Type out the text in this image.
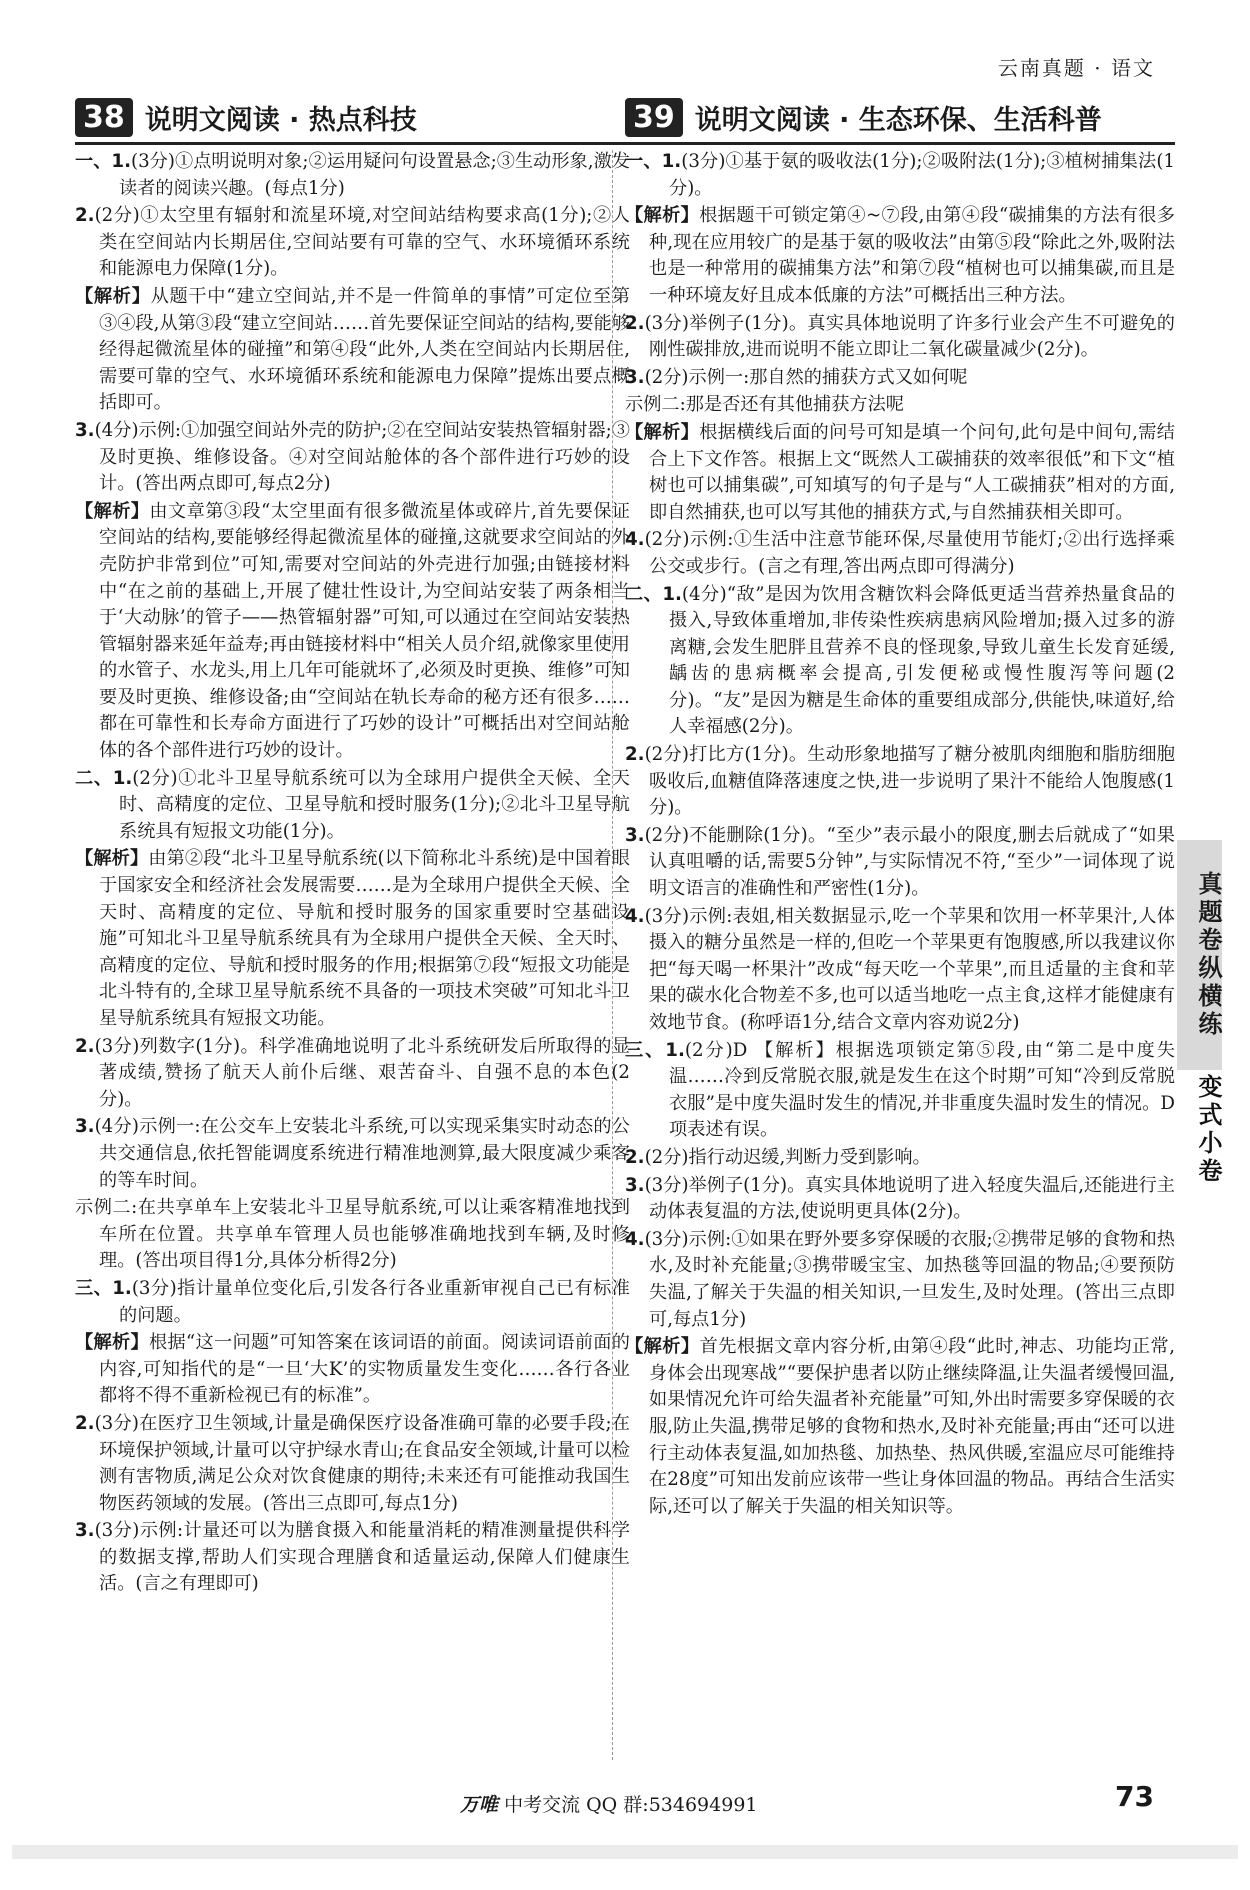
云南真题 · 语文
38 说明文阅读 · 热点科技
一、1.(3分)①点明说明对象;②运用疑问句设置悬念;③生动形象,激发读者的阅读兴趣。(每点1分)
2.(2分)①太空里有辐射和流星环境,对空间站结构要求高(1分);②人类在空间站内长期居住,空间站要有可靠的空气、水环境循环系统和能源电力保障(1分)。
【解析】从题干中“建立空间站,并不是一件简单的事情”可定位至第③④段,从第③段“建立空间站……首先要保证空间站的结构,要能够经得起微流星体的碰撞”和第④段“此外,人类在空间站内长期居住,需要可靠的空气、水环境循环系统和能源电力保障”提炼出要点概括即可。
3.(4分)示例:①加强空间站外壳的防护;②在空间站安装热管辐射器;③及时更换、维修设备。④对空间站舱体的各个部件进行巧妙的设计。(答出两点即可,每点2分)
【解析】由文章第③段“太空里面有很多微流星体或碎片,首先要保证空间站的结构,要能够经得起微流星体的碰撞,这就要求空间站的外壳防护非常到位”可知,需要对空间站的外壳进行加强;由链接材料中“在之前的基础上,开展了健壮性设计,为空间站安装了两条相当于‘大动脉’的管子——热管辐射器”可知,可以通过在空间站安装热管辐射器来延年益寿;再由链接材料中“相关人员介绍,就像家里使用的水管子、水龙头,用上几年可能就坏了,必须及时更换、维修”可知要及时更换、维修设备;由“空间站在轨长寿命的秘方还有很多……都在可靠性和长寿命方面进行了巧妙的设计”可概括出对空间站舱体的各个部件进行巧妙的设计。
二、1.(2分)①北斗卫星导航系统可以为全球用户提供全天候、全天时、高精度的定位、卫星导航和授时服务(1分);②北斗卫星导航系统具有短报文功能(1分)。
【解析】由第②段“北斗卫星导航系统(以下简称北斗系统)是中国着眼于国家安全和经济社会发展需要……是为全球用户提供全天候、全天时、高精度的定位、导航和授时服务的国家重要时空基础设施”可知北斗卫星导航系统具有为全球用户提供全天候、全天时、高精度的定位、导航和授时服务的作用;根据第⑦段“短报文功能是北斗特有的,全球卫星导航系统不具备的一项技术突破”可知北斗卫星导航系统具有短报文功能。
2.(3分)列数字(1分)。科学准确地说明了北斗系统研发后所取得的显著成绩,赞扬了航天人前仆后继、艰苦奋斗、自强不息的本色(2分)。
3.(4分)示例一:在公交车上安装北斗系统,可以实现采集实时动态的公共交通信息,依托智能调度系统进行精准地测算,最大限度减少乘客的等车时间。
示例二:在共享单车上安装北斗卫星导航系统,可以让乘客精准地找到车所在位置。共享单车管理人员也能够准确地找到车辆,及时修理。(答出项目得1分,具体分析得2分)
三、1.(3分)指计量单位变化后,引发各行各业重新审视自己已有标准的问题。
【解析】根据“这一问题”可知答案在该词语的前面。阅读词语前面的内容,可知指代的是“一旦‘大K’的实物质量发生变化……各行各业都将不得不重新检视已有的标准”。
2.(3分)在医疗卫生领域,计量是确保医疗设备准确可靠的必要手段;在环境保护领域,计量可以守护绿水青山;在食品安全领域,计量可以检测有害物质,满足公众对饮食健康的期待;未来还有可能推动我国生物医药领域的发展。(答出三点即可,每点1分)
3.(3分)示例:计量还可以为膳食摄入和能量消耗的精准测量提供科学的数据支撑,帮助人们实现合理膳食和适量运动,保障人们健康生活。(言之有理即可)
39 说明文阅读 · 生态环保、生活科普
一、1.(3分)①基于氨的吸收法(1分);②吸附法(1分);③植树捕集法(1分)。
【解析】根据题干可锁定第④~⑦段,由第④段“碳捕集的方法有很多种,现在应用较广的是基于氨的吸收法”由第⑤段“除此之外,吸附法也是一种常用的碳捕集方法”和第⑦段“植树也可以捕集碳,而且是一种环境友好且成本低廉的方法”可概括出三种方法。
2.(3分)举例子(1分)。真实具体地说明了许多行业会产生不可避免的刚性碳排放,进而说明不能立即让二氧化碳量减少(2分)。
3.(2分)示例一:那自然的捕获方式又如何呢
示例二:那是否还有其他捕获方法呢
【解析】根据横线后面的问号可知是填一个问句,此句是中间句,需结合上下文作答。根据上文“既然人工碳捕获的效率很低”和下文“植树也可以捕集碳”,可知填写的句子是与“人工碳捕获”相对的方面,即自然捕获,也可以写其他的捕获方式,与自然捕获相关即可。
4.(2分)示例:①生活中注意节能环保,尽量使用节能灯;②出行选择乘公交或步行。(言之有理,答出两点即可得满分)
二、1.(4分)“敌”是因为饮用含糖饮料会降低更适当营养热量食品的摄入,导致体重增加,非传染性疾病患病风险增加;摄入过多的游离糖,会发生肥胖且营养不良的怪现象,导致儿童生长发育延缓,龋齿的患病概率会提高,引发便秘或慢性腹泻等问题(2分)。“友”是因为糖是生命体的重要组成部分,供能快,味道好,给人幸福感(2分)。
2.(2分)打比方(1分)。生动形象地描写了糖分被肌肉细胞和脂肪细胞吸收后,血糖值降落速度之快,进一步说明了果汁不能给人饱腹感(1分)。
3.(2分)不能删除(1分)。“至少”表示最小的限度,删去后就成了“如果认真咀嚼的话,需要5分钟”,与实际情况不符,“至少”一词体现了说明文语言的准确性和严密性(1分)。
4.(3分)示例:表姐,相关数据显示,吃一个苹果和饮用一杯苹果汁,人体摄入的糖分虽然是一样的,但吃一个苹果更有饱腹感,所以我建议你把“每天喝一杯果汁”改成“每天吃一个苹果”,而且适量的主食和苹果的碳水化合物差不多,也可以适当地吃一点主食,这样才能健康有效地节食。(称呼语1分,结合文章内容劝说2分)
三、1.(2分)D 【解析】根据选项锁定第⑤段,由“第二是中度失温……冷到反常脱衣服,就是发生在这个时期”可知“冷到反常脱衣服”是中度失温时发生的情况,并非重度失温时发生的情况。D项表述有误。
2.(2分)指行动迟缓,判断力受到影响。
3.(3分)举例子(1分)。真实具体地说明了进入轻度失温后,还能进行主动体表复温的方法,使说明更具体(2分)。
4.(3分)示例:①如果在野外要多穿保暖的衣服;②携带足够的食物和热水,及时补充能量;③携带暖宝宝、加热毯等回温的物品;④要预防失温,了解关于失温的相关知识,一旦发生,及时处理。(答出三点即可,每点1分)
【解析】首先根据文章内容分析,由第④段“此时,神志、功能均正常,身体会出现寒战”“要保护患者以防止继续降温,让失温者缓慢回温,如果情况允许可给失温者补充能量”可知,外出时需要多穿保暖的衣服,防止失温,携带足够的食物和热水,及时补充能量;再由“还可以进行主动体表复温,如加热毯、加热垫、热风供暖,室温应尽可能维持在28度”可知出发前应该带一些让身体回温的物品。再结合生活实际,还可以了解关于失温的相关知识等。
真题卷纵横练
变式小卷
万唯 中考交流 QQ 群:534694991	73
